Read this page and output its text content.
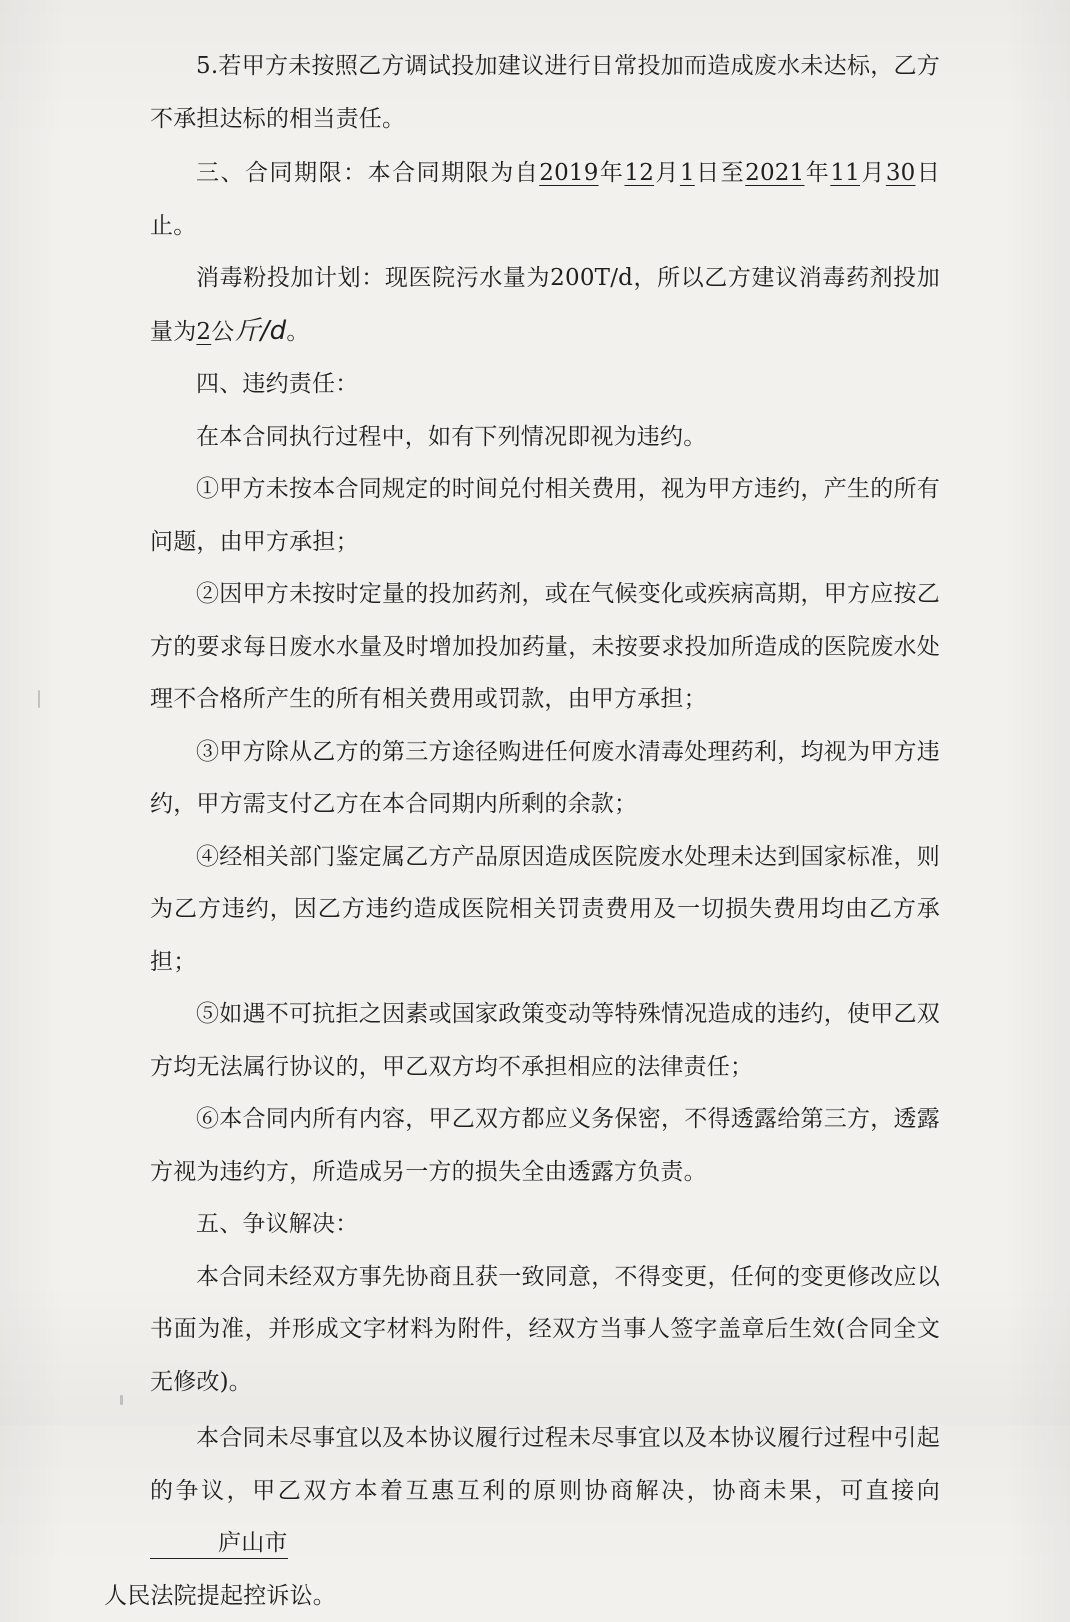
5.若甲方未按照乙方调试投加建议进行日常投加而造成废水未达标，乙方不承担达标的相当责任。

三、合同期限：本合同期限为自2019年12月1日至2021年11月30日止。

消毒粉投加计划：现医院污水量为200T/d，所以乙方建议消毒药剂投加量为2公斤/d。

四、违约责任：

在本合同执行过程中，如有下列情况即视为违约。

①甲方未按本合同规定的时间兑付相关费用，视为甲方违约，产生的所有问题，由甲方承担；

②因甲方未按时定量的投加药剂，或在气候变化或疾病高期，甲方应按乙方的要求每日废水水量及时增加投加药量，未按要求投加所造成的医院废水处理不合格所产生的所有相关费用或罚款，由甲方承担；

③甲方除从乙方的第三方途径购进任何废水清毒处理药利，均视为甲方违约，甲方需支付乙方在本合同期内所剩的余款；

④经相关部门鉴定属乙方产品原因造成医院废水处理未达到国家标准，则为乙方违约，因乙方违约造成医院相关罚责费用及一切损失费用均由乙方承担；

⑤如遇不可抗拒之因素或国家政策变动等特殊情况造成的违约，使甲乙双方均无法属行协议的，甲乙双方均不承担相应的法律责任；

⑥本合同内所有内容，甲乙双方都应义务保密，不得透露给第三方，透露方视为违约方，所造成另一方的损失全由透露方负责。

五、争议解决：

本合同未经双方事先协商且获一致同意，不得变更，任何的变更修改应以书面为准，并形成文字材料为附件，经双方当事人签字盖章后生效(合同全文无修改)。

本合同未尽事宜以及本协议履行过程未尽事宜以及本协议履行过程中引起的争议，甲乙双方本着互惠互利的原则协商解决，协商未果，可直接向庐山市
人民法院提起控诉讼。
